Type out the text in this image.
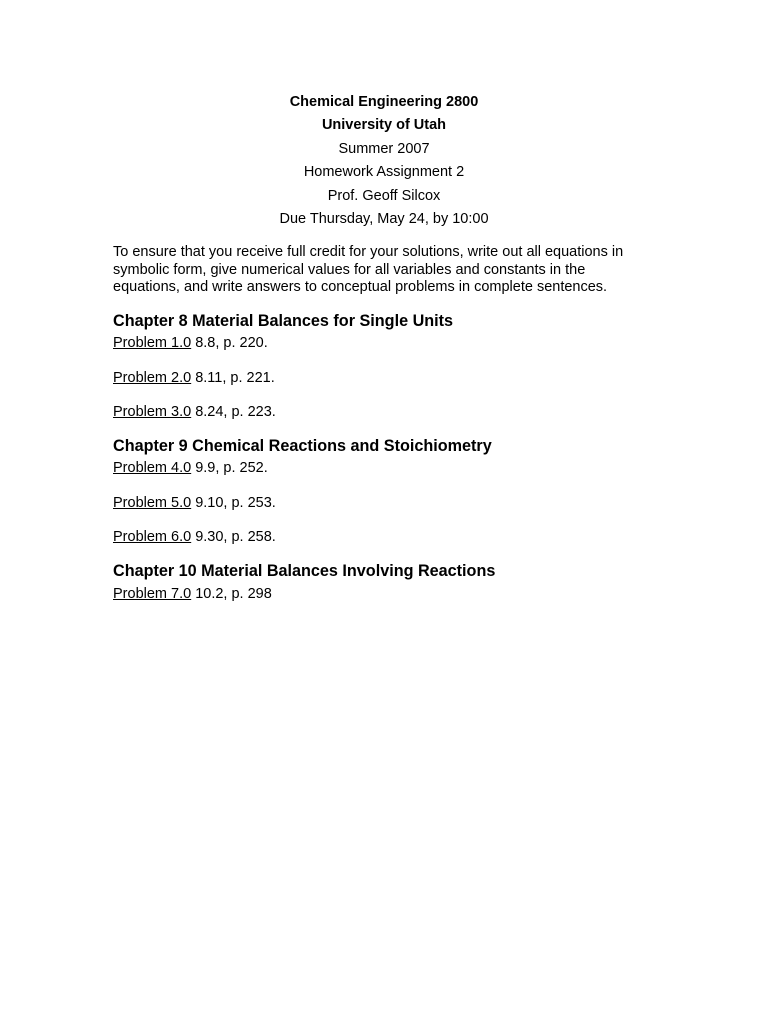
Chemical Engineering 2800
University of Utah
Summer 2007
Homework Assignment 2
Prof. Geoff Silcox
Due Thursday, May 24, by 10:00
To ensure that you receive full credit for your solutions, write out all equations in
symbolic form, give numerical values for all variables and constants in the
equations, and write answers to conceptual problems in complete sentences.
Chapter 8 Material Balances for Single Units
Problem 1.0 8.8, p. 220.
Problem 2.0 8.11, p. 221.
Problem 3.0 8.24, p. 223.
Chapter 9 Chemical Reactions and Stoichiometry
Problem 4.0 9.9, p. 252.
Problem 5.0 9.10, p. 253.
Problem 6.0 9.30, p. 258.
Chapter 10 Material Balances Involving Reactions
Problem 7.0 10.2, p. 298
